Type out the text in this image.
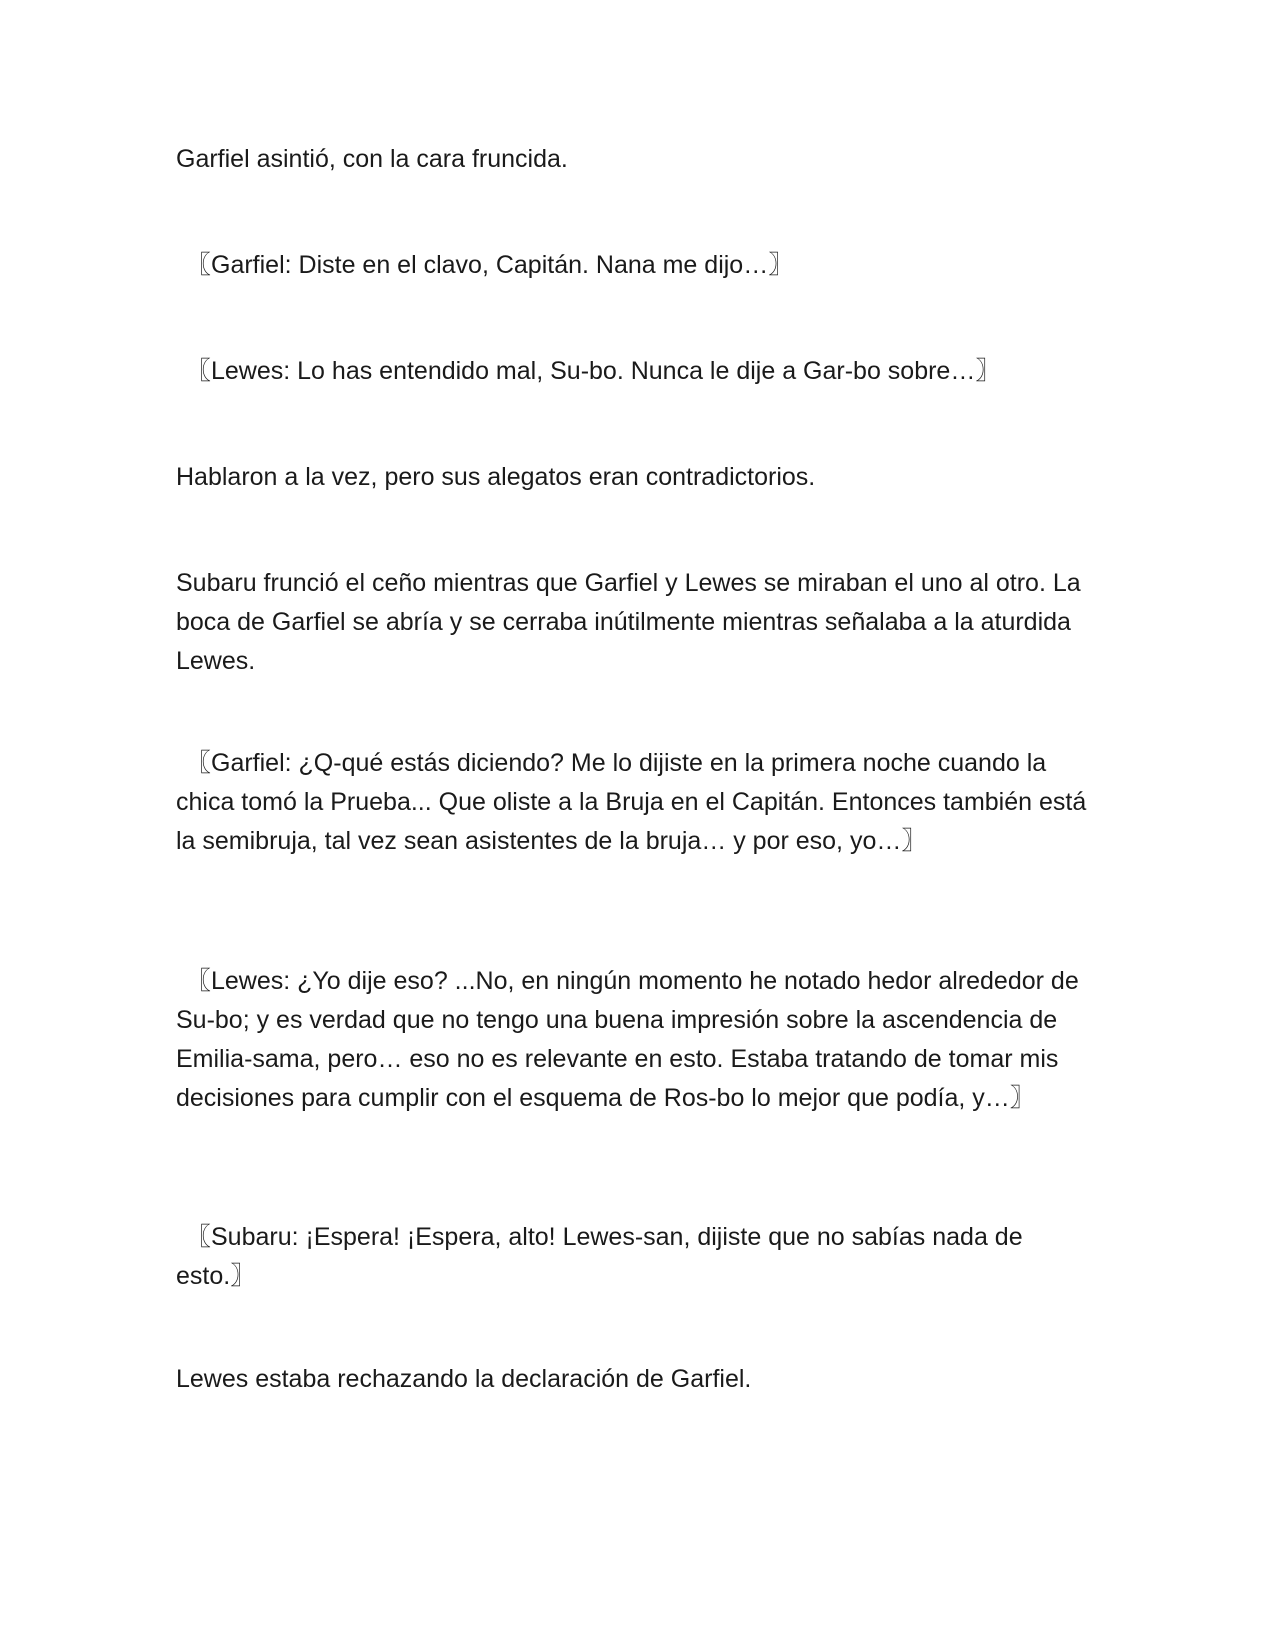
Garfiel asintió, con la cara fruncida.

〖Garfiel: Diste en el clavo, Capitán. Nana me dijo…〗

〖Lewes: Lo has entendido mal, Su-bo. Nunca le dije a Gar-bo sobre…〗

Hablaron a la vez, pero sus alegatos eran contradictorios.

Subaru frunció el ceño mientras que Garfiel y Lewes se miraban el uno al otro. La boca de Garfiel se abría y se cerraba inútilmente mientras señalaba a la aturdida Lewes.

〖Garfiel: ¿Q-qué estás diciendo? Me lo dijiste en la primera noche cuando la chica tomó la Prueba... Que oliste a la Bruja en el Capitán. Entonces también está la semibruja, tal vez sean asistentes de la bruja… y por eso, yo…〗

〖Lewes: ¿Yo dije eso? ...No, en ningún momento he notado hedor alrededor de Su-bo; y es verdad que no tengo una buena impresión sobre la ascendencia de Emilia-sama, pero… eso no es relevante en esto. Estaba tratando de tomar mis decisiones para cumplir con el esquema de Ros-bo lo mejor que podía, y…〗

〖Subaru: ¡Espera! ¡Espera, alto! Lewes-san, dijiste que no sabías nada de esto.〗

Lewes estaba rechazando la declaración de Garfiel.
